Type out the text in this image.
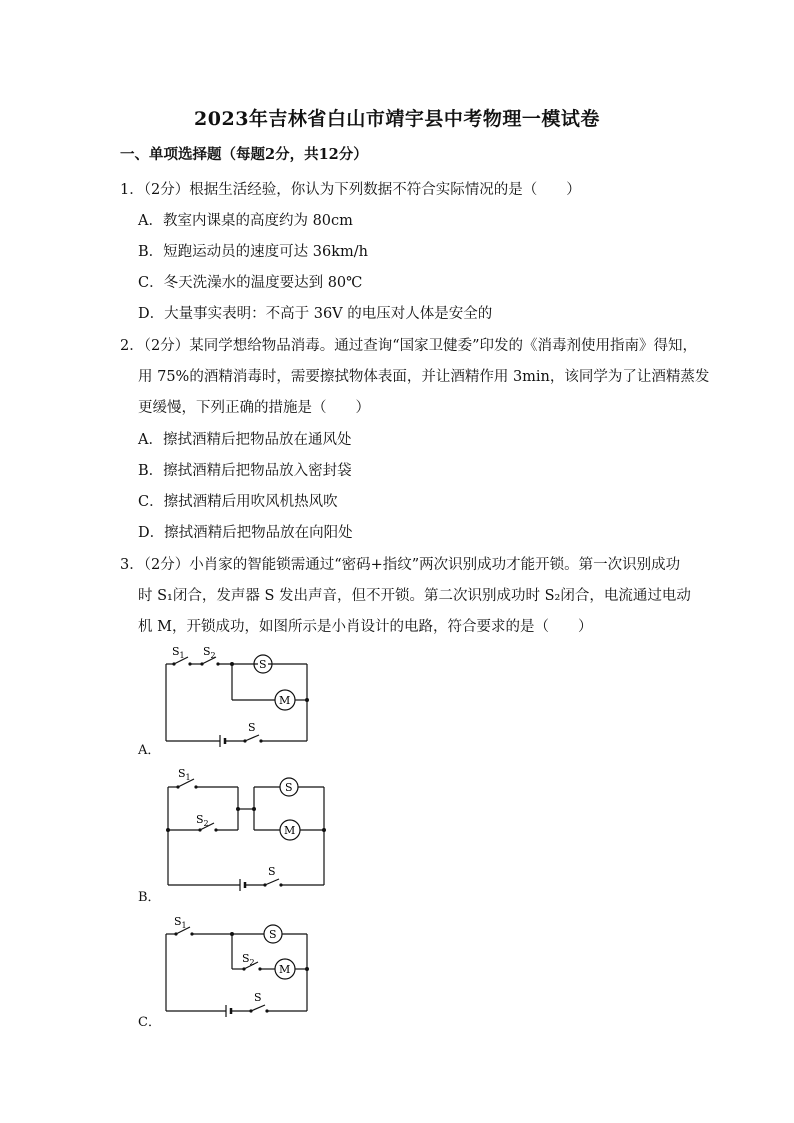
2023年吉林省白山市靖宇县中考物理一模试卷
一、单项选择题（每题2分，共12分）
1．（2分）根据生活经验，你认为下列数据不符合实际情况的是（　　）
A．教室内课桌的高度约为 80cm
B．短跑运动员的速度可达 36km/h
C．冬天洗澡水的温度要达到 80℃
D．大量事实表明：不高于 36V 的电压对人体是安全的
2．（2分）某同学想给物品消毒。通过查询“国家卫健委”印发的《消毒剂使用指南》得知，
用 75%的酒精消毒时，需要擦拭物体表面，并让酒精作用 3min，该同学为了让酒精蒸发
更缓慢，下列正确的措施是（　　）
A．擦拭酒精后把物品放在通风处
B．擦拭酒精后把物品放入密封袋
C．擦拭酒精后用吹风机热风吹
D．擦拭酒精后把物品放在向阳处
3．（2分）小肖家的智能锁需通过“密码+指纹”两次识别成功才能开锁。第一次识别成功
时 S₁闭合，发声器 S 发出声音，但不开锁。第二次识别成功时 S₂闭合，电流通过电动
机 M，开锁成功，如图所示是小肖设计的电路，符合要求的是（　　）
A．
$S_1$ $S_2$
S
M
S
B．
$S_1$
$S_2$
S
M
S
C．
$S_1$
$S_2$
S
M
S
